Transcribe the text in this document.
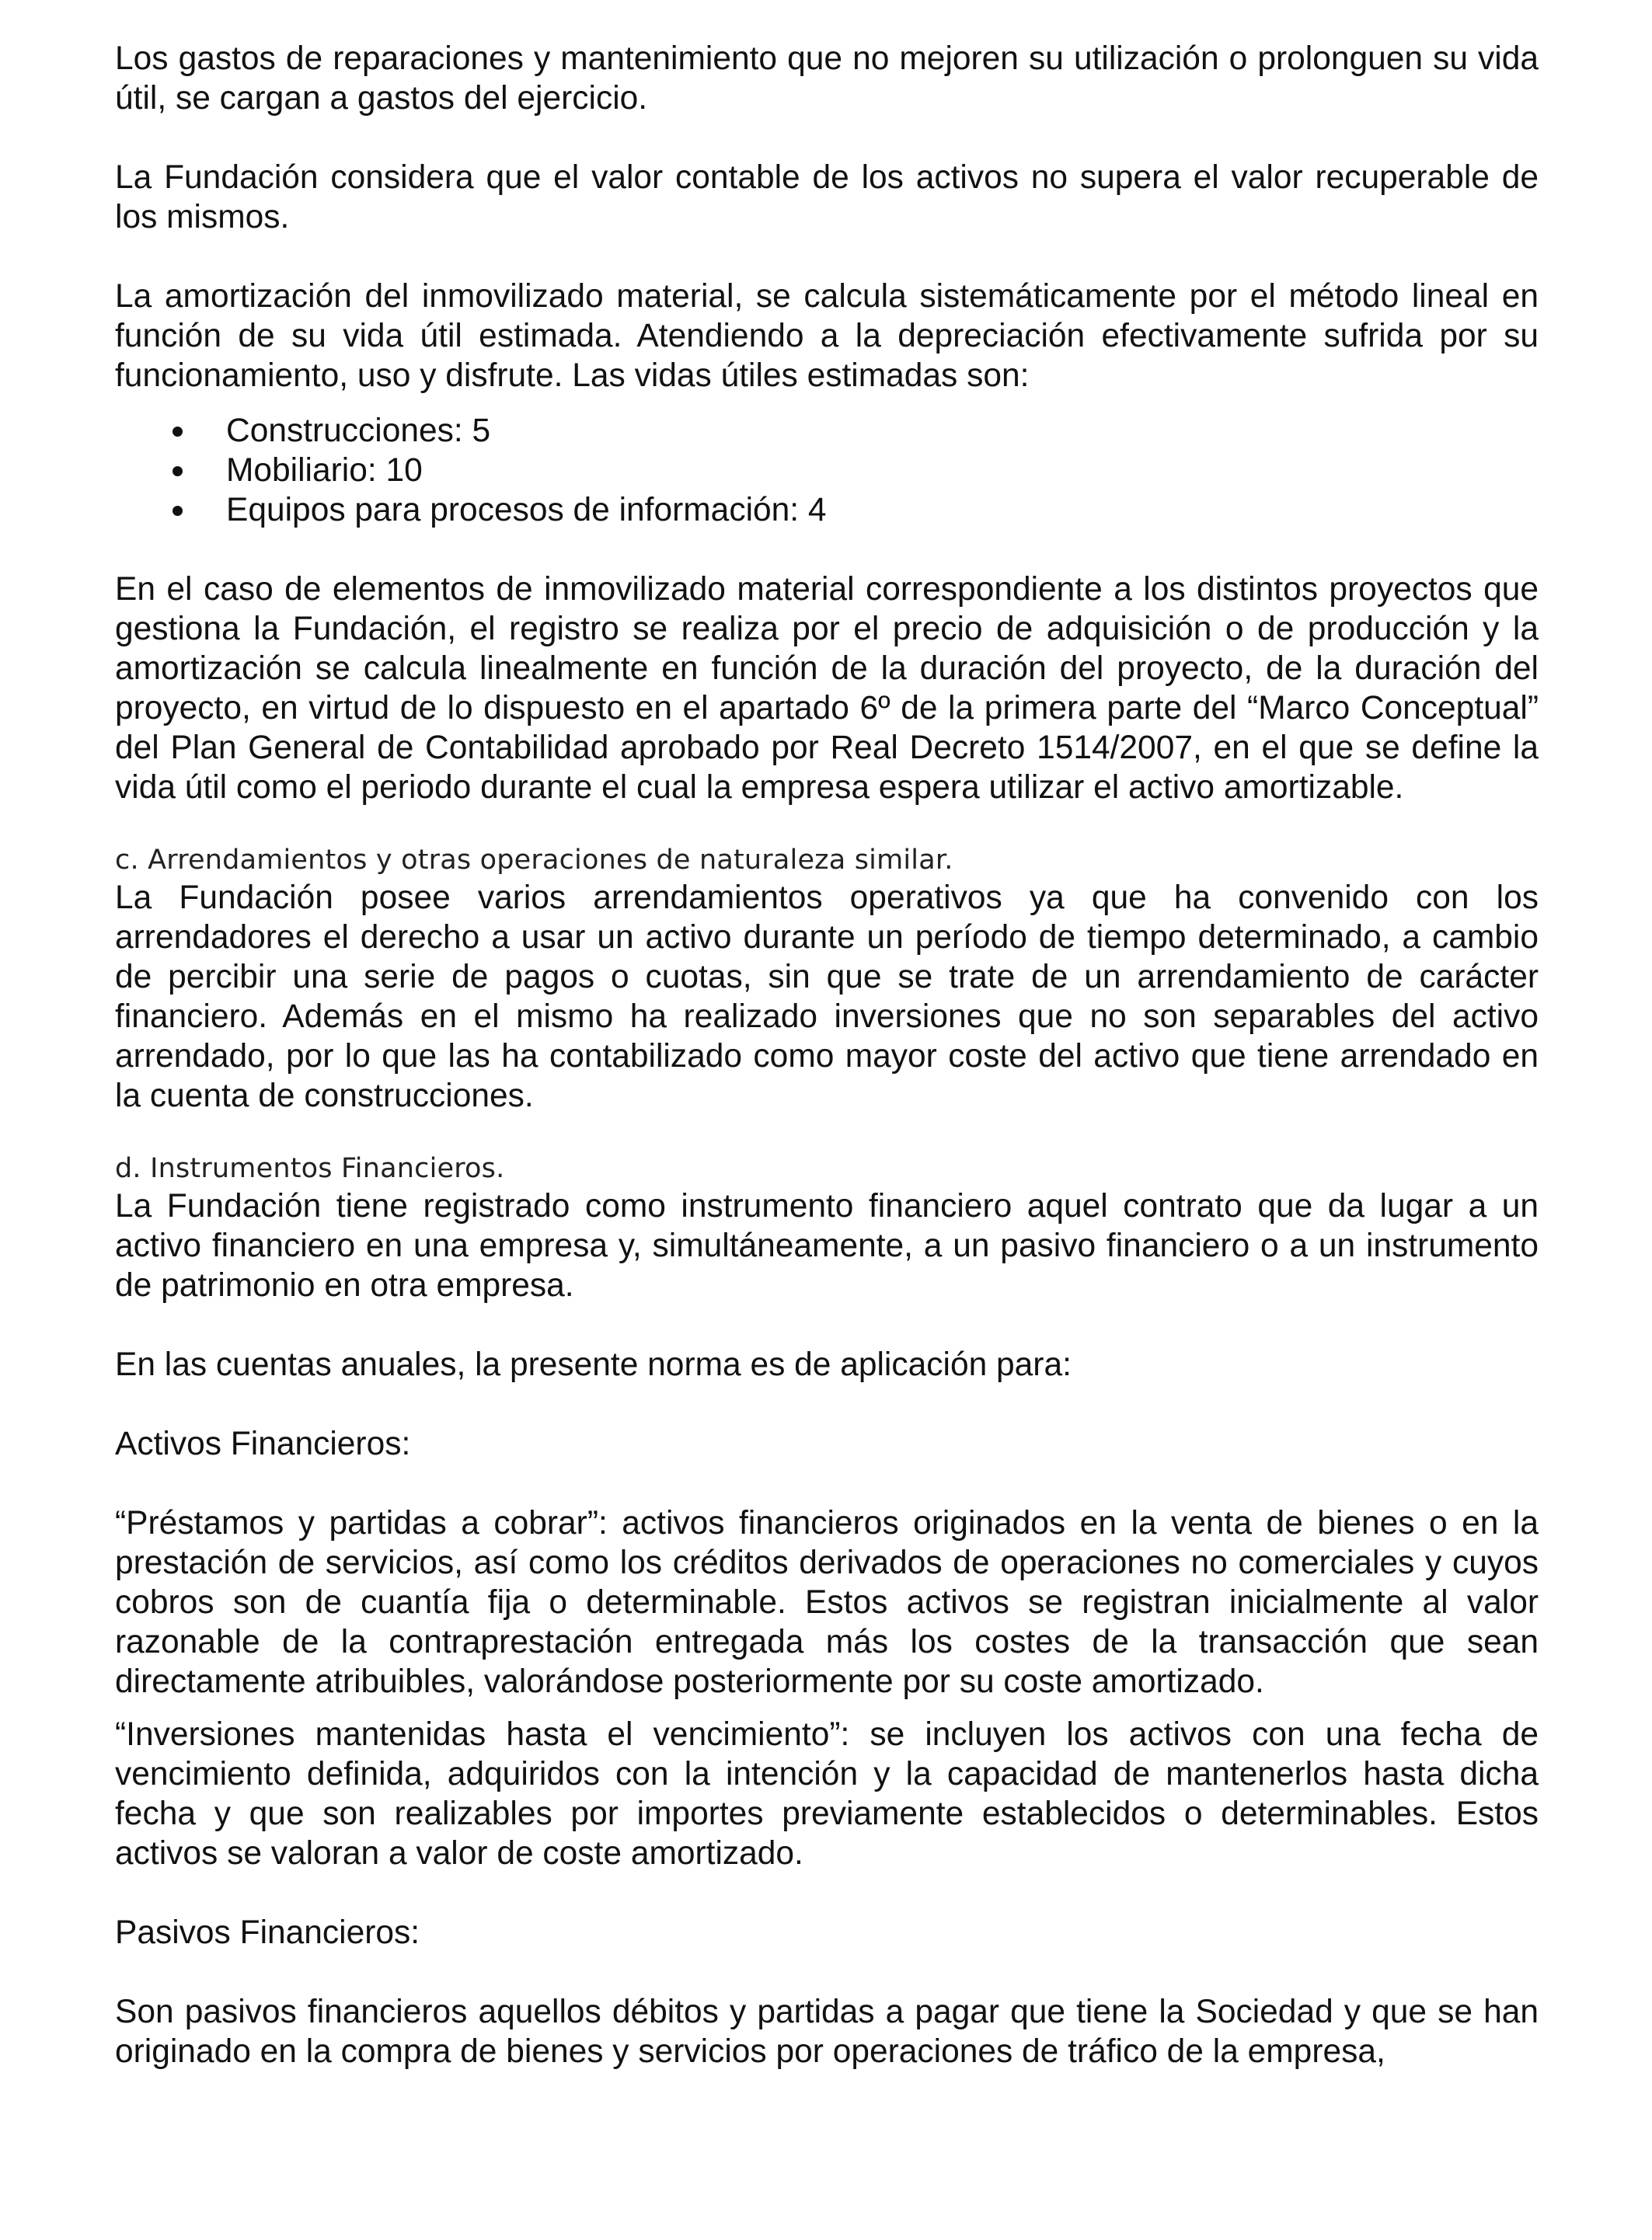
Los gastos de reparaciones y mantenimiento que no mejoren su utilización o prolonguen su vida útil, se cargan a gastos del ejercicio.

La Fundación considera que el valor contable de los activos no supera el valor recuperable de los mismos.

La amortización del inmovilizado material, se calcula sistemáticamente por el método lineal en función de su vida útil estimada. Atendiendo a la depreciación efectivamente sufrida por su funcionamiento, uso y disfrute. Las vidas útiles estimadas son:

Construcciones: 5
Mobiliario: 10
Equipos para procesos de información: 4

En el caso de elementos de inmovilizado material correspondiente a los distintos proyectos que gestiona la Fundación, el registro se realiza por el precio de adquisición o de producción y la amortización se calcula linealmente en función de la duración del proyecto, de la duración del proyecto, en virtud de lo dispuesto en el apartado 6º de la primera parte del “Marco Conceptual” del Plan General de Contabilidad aprobado por Real Decreto 1514/2007, en el que se define la vida útil como el periodo durante el cual la empresa espera utilizar el activo amortizable.

c. Arrendamientos y otras operaciones de naturaleza similar.

La Fundación posee varios arrendamientos operativos ya que ha convenido con los arrendadores el derecho a usar un activo durante un período de tiempo determinado, a cambio de percibir una serie de pagos o cuotas, sin que se trate de un arrendamiento de carácter financiero. Además en el mismo ha realizado inversiones que no son separables del activo arrendado, por lo que las ha contabilizado como mayor coste del activo que tiene arrendado en la cuenta de construcciones.

d. Instrumentos Financieros.

La Fundación tiene registrado como instrumento financiero aquel contrato que da lugar a un activo financiero en una empresa y, simultáneamente, a un pasivo financiero o a un instrumento de patrimonio en otra empresa.

En las cuentas anuales, la presente norma es de aplicación para:

Activos Financieros:

“Préstamos y partidas a cobrar”: activos financieros originados en la venta de bienes o en la prestación de servicios, así como los créditos derivados de operaciones no comerciales y cuyos cobros son de cuantía fija o determinable. Estos activos se registran inicialmente al valor razonable de la contraprestación entregada más los costes de la transacción que sean directamente atribuibles, valorándose posteriormente por su coste amortizado.

“Inversiones mantenidas hasta el vencimiento”: se incluyen los activos con una fecha de vencimiento definida, adquiridos con la intención y la capacidad de mantenerlos hasta dicha fecha y que son realizables por importes previamente establecidos o determinables. Estos activos se valoran a valor de coste amortizado.

Pasivos Financieros:

Son pasivos financieros aquellos débitos y partidas a pagar que tiene la Sociedad y que se han originado en la compra de bienes y servicios por operaciones de tráfico de la empresa,
